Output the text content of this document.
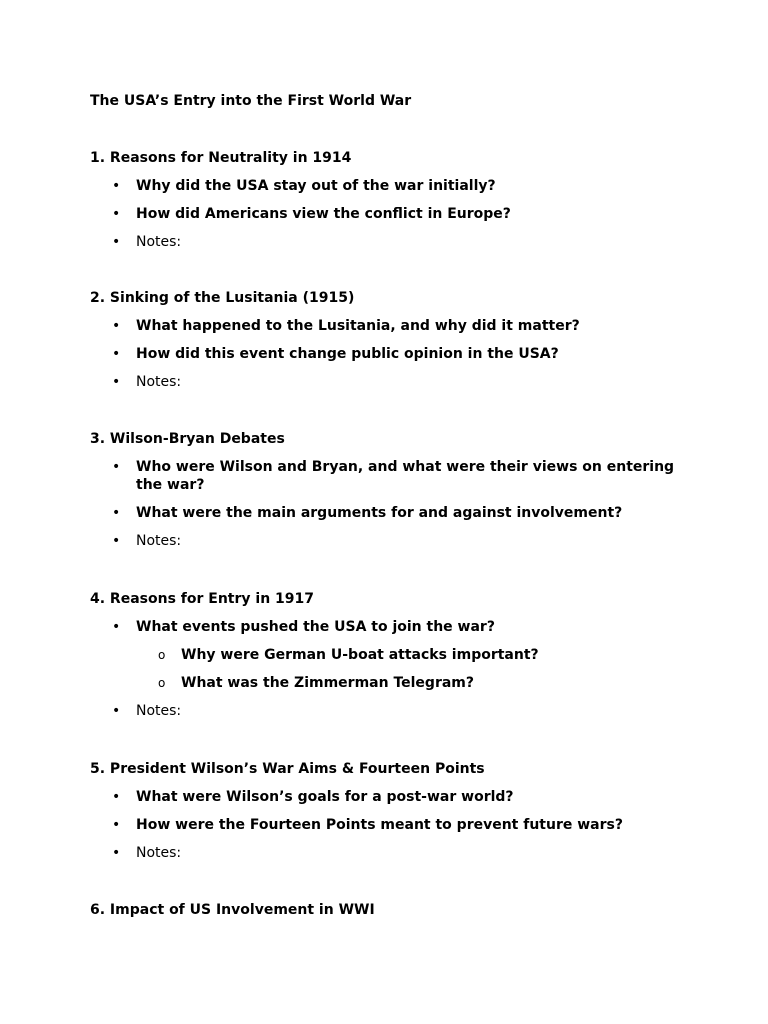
The USA’s Entry into the First World War
1. Reasons for Neutrality in 1914
• Why did the USA stay out of the war initially?
• How did Americans view the conflict in Europe?
• Notes:
2. Sinking of the Lusitania (1915)
• What happened to the Lusitania, and why did it matter?
• How did this event change public opinion in the USA?
• Notes:
3. Wilson-Bryan Debates
• Who were Wilson and Bryan, and what were their views on entering the war?
• What were the main arguments for and against involvement?
• Notes:
4. Reasons for Entry in 1917
• What events pushed the USA to join the war?
o Why were German U-boat attacks important?
o What was the Zimmerman Telegram?
• Notes:
5. President Wilson’s War Aims & Fourteen Points
• What were Wilson’s goals for a post-war world?
• How were the Fourteen Points meant to prevent future wars?
• Notes:
6. Impact of US Involvement in WWI
